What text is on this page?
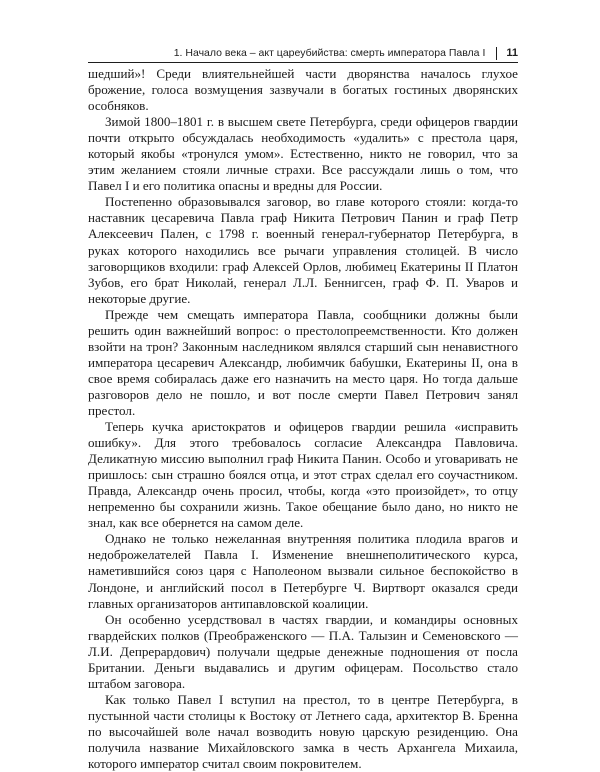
1. Начало века – акт цареубийства: смерть императора Павла I 11

шедший»! Среди влиятельнейшей части дворянства началось глухое брожение, голоса возмущения зазвучали в богатых гостиных дворянских особняков.

Зимой 1800–1801 г. в высшем свете Петербурга, среди офицеров гвардии почти открыто обсуждалась необходимость «удалить» с престола царя, который якобы «тронулся умом». Естественно, никто не говорил, что за этим желанием стояли личные страхи. Все рассуждали лишь о том, что Павел I и его политика опасны и вредны для России.

Постепенно образовывался заговор, во главе которого стояли: когда-то наставник цесаревича Павла граф Никита Петрович Панин и граф Петр Алексеевич Пален, с 1798 г. военный генерал-губернатор Петербурга, в руках которого находились все рычаги управления столицей. В число заговорщиков входили: граф Алексей Орлов, любимец Екатерины II Платон Зубов, его брат Николай, генерал Л.Л. Беннигсен, граф Ф. П. Уваров и некоторые другие.

Прежде чем смещать императора Павла, сообщники должны были решить один важнейший вопрос: о престолопреемственности. Кто должен взойти на трон? Законным наследником являлся старший сын ненавистного императора цесаревич Александр, любимчик бабушки, Екатерины II, она в свое время собиралась даже его назначить на место царя. Но тогда дальше разговоров дело не пошло, и вот после смерти Павел Петрович занял престол.

Теперь кучка аристократов и офицеров гвардии решила «исправить ошибку». Для этого требовалось согласие Александра Павловича. Деликатную миссию выполнил граф Никита Панин. Особо и уговаривать не пришлось: сын страшно боялся отца, и этот страх сделал его соучастником. Правда, Александр очень просил, чтобы, когда «это произойдет», то отцу непременно бы сохранили жизнь. Такое обещание было дано, но никто не знал, как все обернется на самом деле.

Однако не только нежеланная внутренняя политика плодила врагов и недоброжелателей Павла I. Изменение внешнеполитического курса, наметившийся союз царя с Наполеоном вызвали сильное беспокойство в Лондоне, и английский посол в Петербурге Ч. Виртворт оказался среди главных организаторов антипавловской коалиции.

Он особенно усердствовал в частях гвардии, и командиры основных гвардейских полков (Преображенского — П.А. Талызин и Семеновского — Л.И. Депрерардович) получали щедрые денежные подношения от посла Британии. Деньги выдавались и другим офицерам. Посольство стало штабом заговора.

Как только Павел I вступил на престол, то в центре Петербурга, в пустынной части столицы к Востоку от Летнего сада, архитектор В. Бренна по высочайшей воле начал возводить новую царскую резиденцию. Она получила название Михайловского замка в честь Архангела Михаила, которого император считал своим покровителем.
